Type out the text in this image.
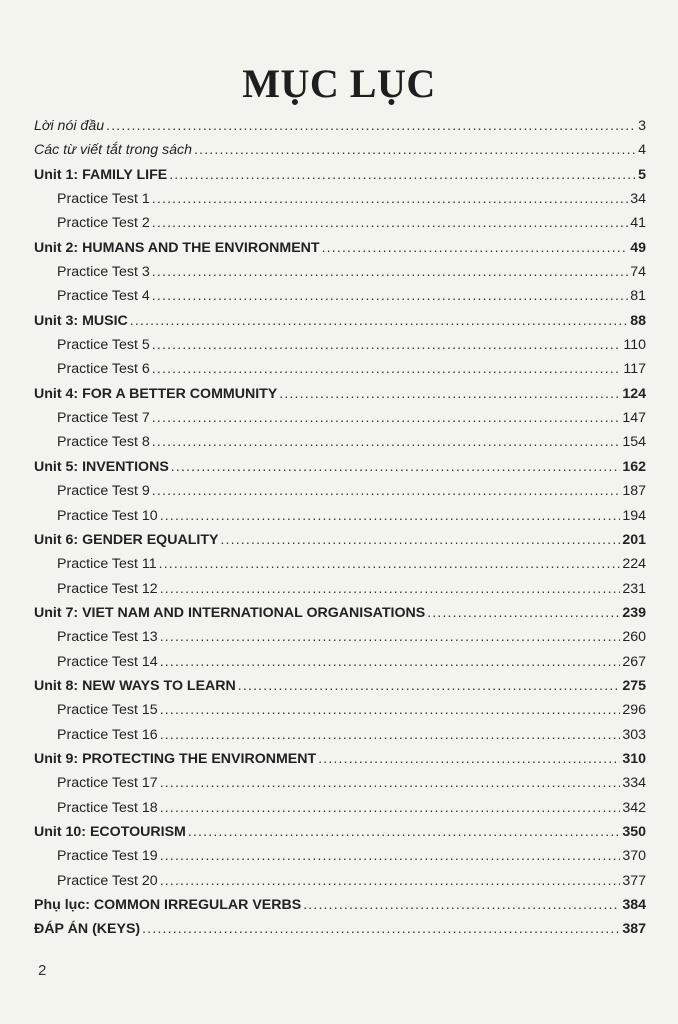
MỤC LỤC
Lời nói đầu .....	3
Các từ viết tắt trong sách .....	4
Unit 1: FAMILY LIFE .....	5
Practice Test 1 .....	34
Practice Test 2 .....	41
Unit 2: HUMANS AND THE ENVIRONMENT .....	49
Practice Test 3 .....	74
Practice Test 4 .....	81
Unit 3: MUSIC .....	88
Practice Test 5 .....	110
Practice Test 6 .....	117
Unit 4: FOR A BETTER COMMUNITY .....	124
Practice Test 7 .....	147
Practice Test 8 .....	154
Unit 5: INVENTIONS .....	162
Practice Test 9 .....	187
Practice Test 10 .....	194
Unit 6: GENDER EQUALITY .....	201
Practice Test 11 .....	224
Practice Test 12 .....	231
Unit 7: VIET NAM AND INTERNATIONAL ORGANISATIONS .....	239
Practice Test 13 .....	260
Practice Test 14 .....	267
Unit 8: NEW WAYS TO LEARN .....	275
Practice Test 15 .....	296
Practice Test 16 .....	303
Unit 9: PROTECTING THE ENVIRONMENT .....	310
Practice Test 17 .....	334
Practice Test 18 .....	342
Unit 10: ECOTOURISM .....	350
Practice Test 19 .....	370
Practice Test 20 .....	377
Phụ lục: COMMON IRREGULAR VERBS .....	384
ĐÁP ÁN (KEYS) .....	387
2
